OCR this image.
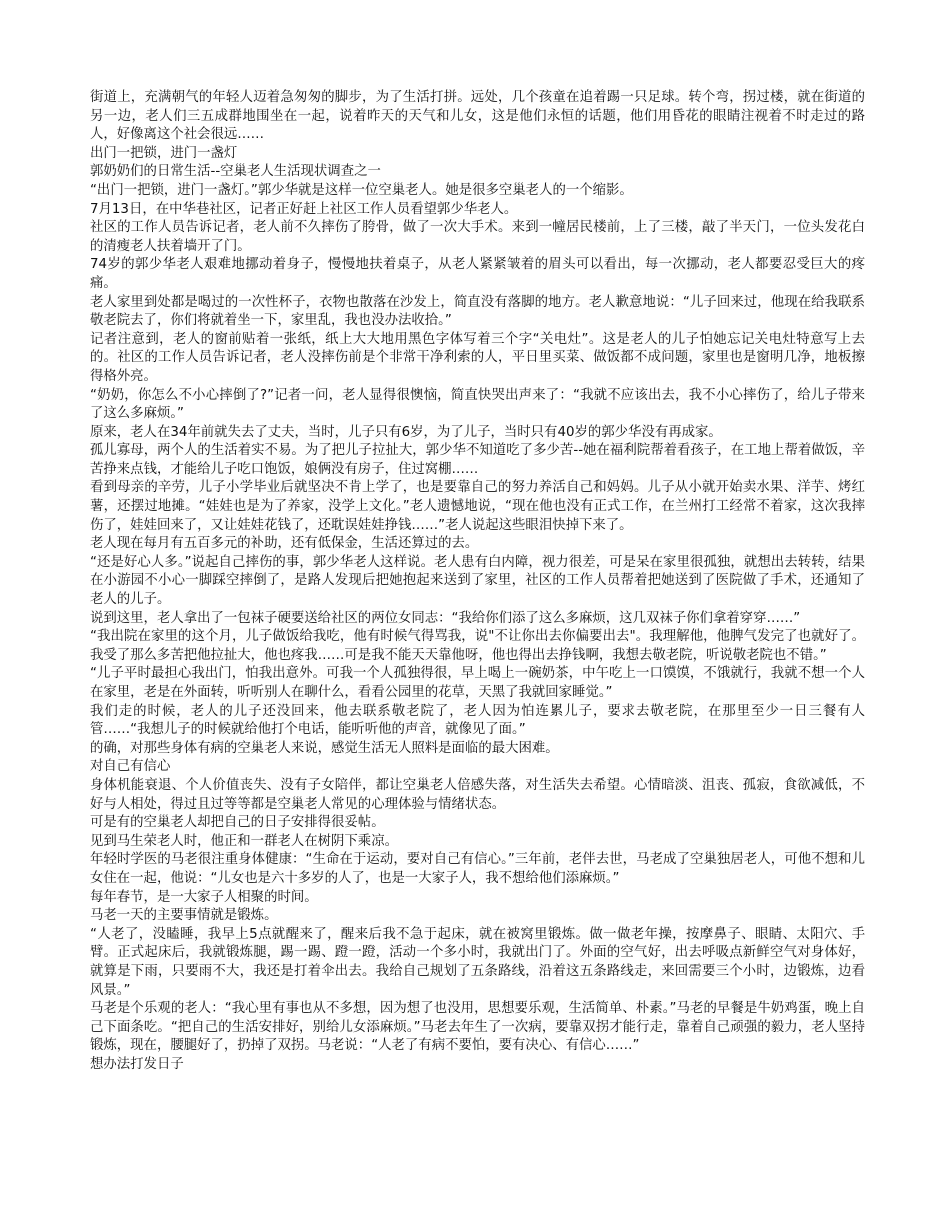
街道上，充满朝气的年轻人迈着急匆匆的脚步，为了生活打拼。远处，几个孩童在追着踢一只足球。转个弯，拐过楼，就在街道的另一边，老人们三五成群地围坐在一起，说着昨天的天气和儿女，这是他们永恒的话题，他们用昏花的眼睛注视着不时走过的路人，好像离这个社会很远……

出门一把锁，进门一盏灯

郭奶奶们的日常生活--空巢老人生活现状调查之一

“出门一把锁，进门一盏灯。”郭少华就是这样一位空巢老人。她是很多空巢老人的一个缩影。

7月13日，在中华巷社区，记者正好赶上社区工作人员看望郭少华老人。

社区的工作人员告诉记者，老人前不久摔伤了胯骨，做了一次大手术。来到一幢居民楼前，上了三楼，敲了半天门，一位头发花白的清瘦老人扶着墙开了门。

74岁的郭少华老人艰难地挪动着身子，慢慢地扶着桌子，从老人紧紧皱着的眉头可以看出，每一次挪动，老人都要忍受巨大的疼痛。

老人家里到处都是喝过的一次性杯子，衣物也散落在沙发上，简直没有落脚的地方。老人歉意地说：“儿子回来过，他现在给我联系敬老院去了，你们将就着坐一下，家里乱，我也没办法收拾。”

记者注意到，老人的窗前贴着一张纸，纸上大大地用黑色字体写着三个字“关电灶”。这是老人的儿子怕她忘记关电灶特意写上去的。社区的工作人员告诉记者，老人没摔伤前是个非常干净利索的人，平日里买菜、做饭都不成问题，家里也是窗明几净，地板擦得格外亮。

“奶奶，你怎么不小心摔倒了?”记者一问，老人显得很懊恼，简直快哭出声来了：“我就不应该出去，我不小心摔伤了，给儿子带来了这么多麻烦。”

原来，老人在34年前就失去了丈夫，当时，儿子只有6岁，为了儿子，当时只有40岁的郭少华没有再成家。

孤儿寡母，两个人的生活着实不易。为了把儿子拉扯大，郭少华不知道吃了多少苦--她在福利院帮着看孩子，在工地上帮着做饭，辛苦挣来点钱，才能给儿子吃口饱饭，娘俩没有房子，住过窝棚……

看到母亲的辛劳，儿子小学毕业后就坚决不肯上学了，也是要靠自己的努力养活自己和妈妈。儿子从小就开始卖水果、洋芋、烤红薯，还摆过地摊。“娃娃也是为了养家，没学上文化。”老人遗憾地说，“现在他也没有正式工作，在兰州打工经常不着家，这次我摔伤了，娃娃回来了，又让娃娃花钱了，还耽误娃娃挣钱……”老人说起这些眼泪快掉下来了。

老人现在每月有五百多元的补助，还有低保金，生活还算过的去。

“还是好心人多。”说起自己摔伤的事，郭少华老人这样说。老人患有白内障，视力很差，可是呆在家里很孤独，就想出去转转，结果在小游园不小心一脚踩空摔倒了，是路人发现后把她抱起来送到了家里，社区的工作人员帮着把她送到了医院做了手术，还通知了老人的儿子。

说到这里，老人拿出了一包袜子硬要送给社区的两位女同志：“我给你们添了这么多麻烦，这几双袜子你们拿着穿穿……”

“我出院在家里的这个月，儿子做饭给我吃，他有时候气得骂我，说"不让你出去你偏要出去"。我理解他，他脾气发完了也就好了。我受了那么多苦把他拉扯大，他也疼我……可是我不能天天靠他呀，他也得出去挣钱啊，我想去敬老院，听说敬老院也不错。”

“儿子平时最担心我出门，怕我出意外。可我一个人孤独得很，早上喝上一碗奶茶，中午吃上一口馍馍，不饿就行，我就不想一个人在家里，老是在外面转，听听别人在聊什么，看看公园里的花草，天黑了我就回家睡觉。”

我们走的时候，老人的儿子还没回来，他去联系敬老院了，老人因为怕连累儿子，要求去敬老院，在那里至少一日三餐有人管……“我想儿子的时候就给他打个电话，能听听他的声音，就像见了面。”

的确，对那些身体有病的空巢老人来说，感觉生活无人照料是面临的最大困难。

对自己有信心

身体机能衰退、个人价值丧失、没有子女陪伴，都让空巢老人倍感失落，对生活失去希望。心情暗淡、沮丧、孤寂，食欲减低，不好与人相处，得过且过等等都是空巢老人常见的心理体验与情绪状态。

可是有的空巢老人却把自己的日子安排得很妥帖。

见到马生荣老人时，他正和一群老人在树阴下乘凉。

年轻时学医的马老很注重身体健康：“生命在于运动，要对自己有信心。”三年前，老伴去世，马老成了空巢独居老人，可他不想和儿女住在一起，他说：“儿女也是六十多岁的人了，也是一大家子人，我不想给他们添麻烦。”

每年春节，是一大家子人相聚的时间。

马老一天的主要事情就是锻炼。

“人老了，没瞌睡，我早上5点就醒来了，醒来后我不急于起床，就在被窝里锻炼。做一做老年操，按摩鼻子、眼睛、太阳穴、手臂。正式起床后，我就锻炼腿，踢一踢、蹬一蹬，活动一个多小时，我就出门了。外面的空气好，出去呼吸点新鲜空气对身体好，就算是下雨，只要雨不大，我还是打着伞出去。我给自己规划了五条路线，沿着这五条路线走，来回需要三个小时，边锻炼，边看风景。”

马老是个乐观的老人：“我心里有事也从不多想，因为想了也没用，思想要乐观，生活简单、朴素。”马老的早餐是牛奶鸡蛋，晚上自己下面条吃。“把自己的生活安排好，别给儿女添麻烦。”马老去年生了一次病，要靠双拐才能行走，靠着自己顽强的毅力，老人坚持锻炼，现在，腰腿好了，扔掉了双拐。马老说：“人老了有病不要怕，要有决心、有信心……”

想办法打发日子
